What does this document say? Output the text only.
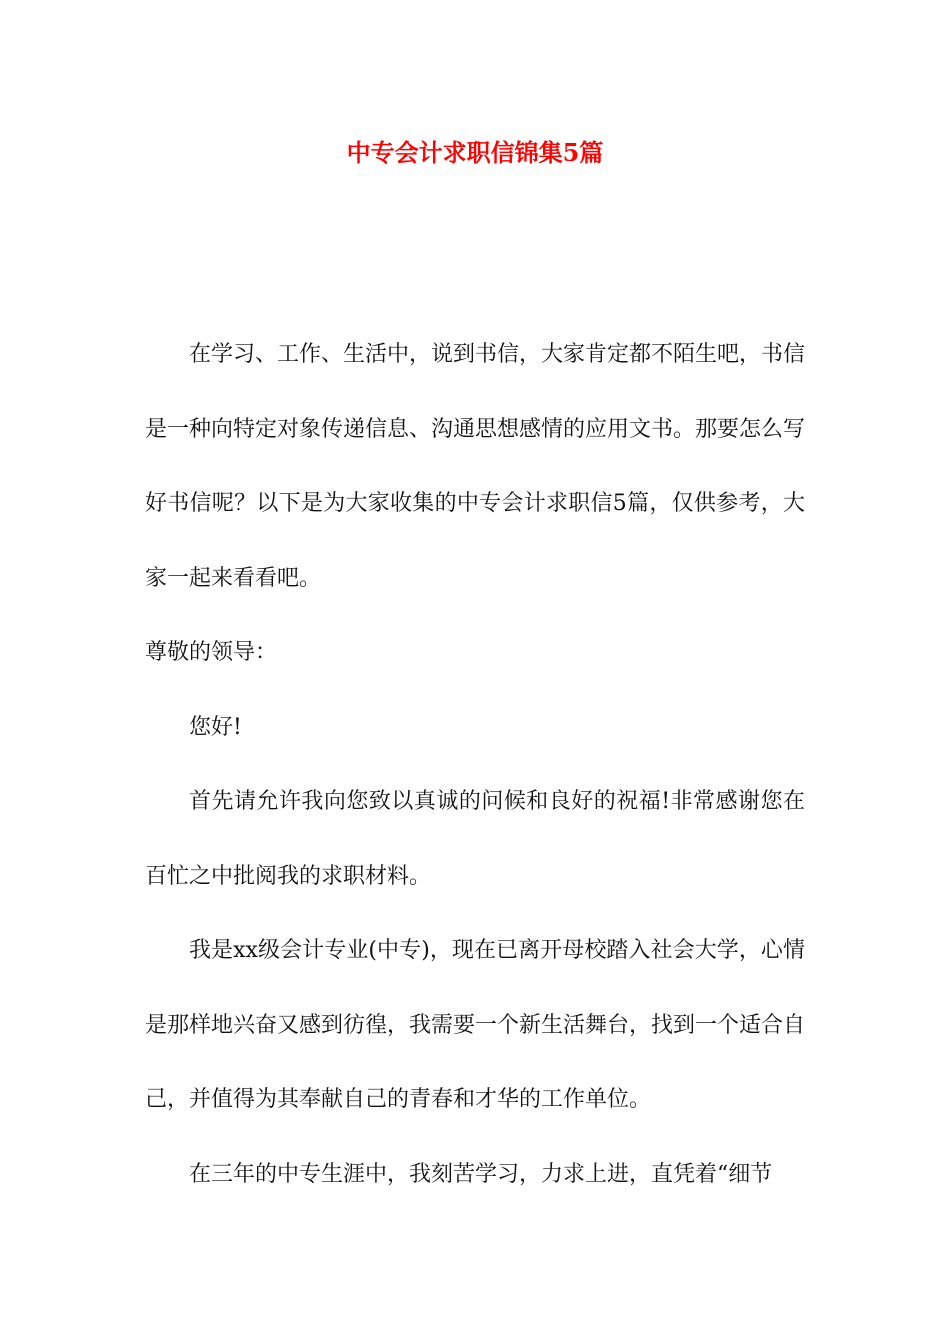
中专会计求职信锦集5篇

在学习、工作、生活中，说到书信，大家肯定都不陌生吧，书信是一种向特定对象传递信息、沟通思想感情的应用文书。那要怎么写好书信呢？以下是为大家收集的中专会计求职信5篇，仅供参考，大家一起来看看吧。

尊敬的领导：

您好!

首先请允许我向您致以真诚的问候和良好的祝福!非常感谢您在百忙之中批阅我的求职材料。

我是xx级会计专业(中专)，现在已离开母校踏入社会大学，心情是那样地兴奋又感到彷徨，我需要一个新生活舞台，找到一个适合自己，并值得为其奉献自己的青春和才华的工作单位。

在三年的中专生涯中，我刻苦学习，力求上进，直凭着“细节
